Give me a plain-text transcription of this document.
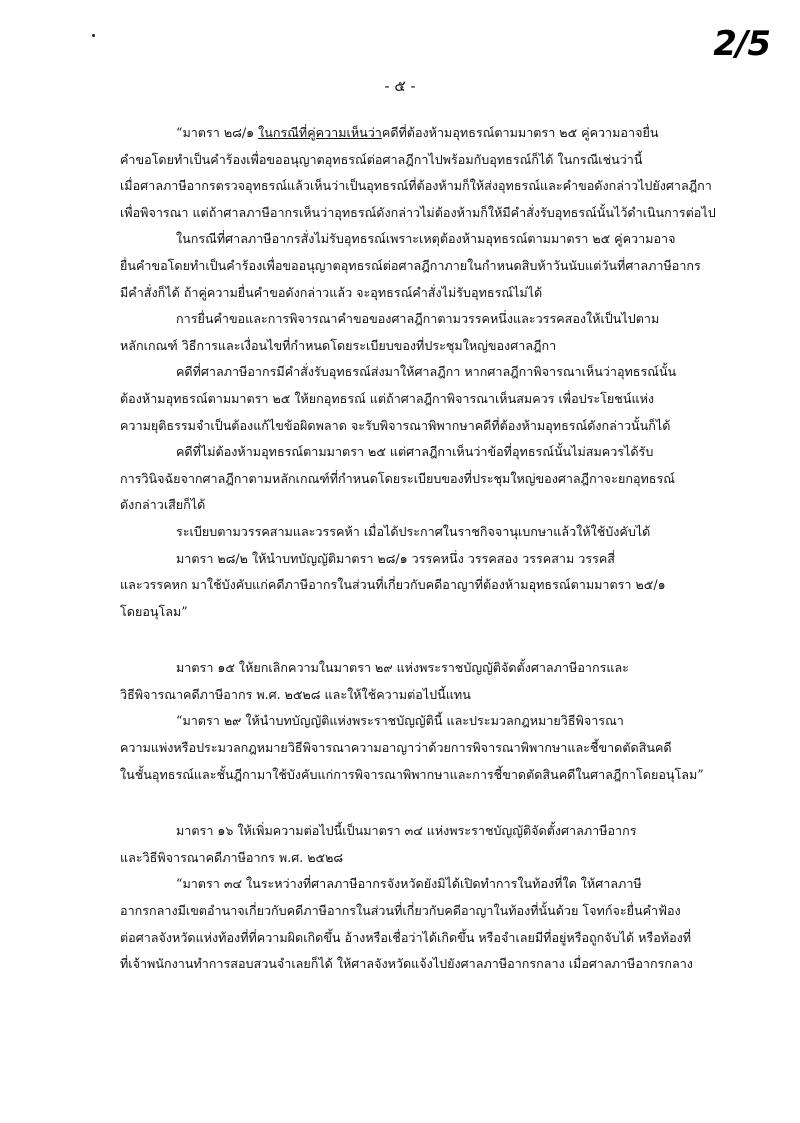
2/5
- ๕ -
“มาตรา ๒๘/๑ ในกรณีที่คู่ความเห็นว่าคดีที่ต้องห้ามอุทธรณ์ตามมาตรา ๒๕ คู่ความอาจยื่น
คำขอโดยทำเป็นคำร้องเพื่อขออนุญาตอุทธรณ์ต่อศาลฎีกาไปพร้อมกับอุทธรณ์ก็ได้ ในกรณีเช่นว่านี้
เมื่อศาลภาษีอากรตรวจอุทธรณ์แล้วเห็นว่าเป็นอุทธรณ์ที่ต้องห้ามก็ให้ส่งอุทธรณ์และคำขอดังกล่าวไปยังศาลฎีกา
เพื่อพิจารณา แต่ถ้าศาลภาษีอากรเห็นว่าอุทธรณ์ดังกล่าวไม่ต้องห้ามก็ให้มีคำสั่งรับอุทธรณ์นั้นไว้ดำเนินการต่อไป
ในกรณีที่ศาลภาษีอากรสั่งไม่รับอุทธรณ์เพราะเหตุต้องห้ามอุทธรณ์ตามมาตรา ๒๕ คู่ความอาจ
ยื่นคำขอโดยทำเป็นคำร้องเพื่อขออนุญาตอุทธรณ์ต่อศาลฎีกาภายในกำหนดสิบห้าวันนับแต่วันที่ศาลภาษีอากร
มีคำสั่งก็ได้ ถ้าคู่ความยื่นคำขอดังกล่าวแล้ว จะอุทธรณ์คำสั่งไม่รับอุทธรณ์ไม่ได้
การยื่นคำขอและการพิจารณาคำขอของศาลฎีกาตามวรรคหนึ่งและวรรคสองให้เป็นไปตาม
หลักเกณฑ์ วิธีการและเงื่อนไขที่กำหนดโดยระเบียบของที่ประชุมใหญ่ของศาลฎีกา
คดีที่ศาลภาษีอากรมีคำสั่งรับอุทธรณ์ส่งมาให้ศาลฎีกา หากศาลฎีกาพิจารณาเห็นว่าอุทธรณ์นั้น
ต้องห้ามอุทธรณ์ตามมาตรา ๒๕ ให้ยกอุทธรณ์ แต่ถ้าศาลฎีกาพิจารณาเห็นสมควร เพื่อประโยชน์แห่ง
ความยุติธรรมจำเป็นต้องแก้ไขข้อผิดพลาด จะรับพิจารณาพิพากษาคดีที่ต้องห้ามอุทธรณ์ดังกล่าวนั้นก็ได้
คดีที่ไม่ต้องห้ามอุทธรณ์ตามมาตรา ๒๕ แต่ศาลฎีกาเห็นว่าข้อที่อุทธรณ์นั้นไม่สมควรได้รับ
การวินิจฉัยจากศาลฎีกาตามหลักเกณฑ์ที่กำหนดโดยระเบียบของที่ประชุมใหญ่ของศาลฎีกาจะยกอุทธรณ์
ดังกล่าวเสียก็ได้
ระเบียบตามวรรคสามและวรรคห้า เมื่อได้ประกาศในราชกิจจานุเบกษาแล้วให้ใช้บังคับได้
มาตรา ๒๘/๒ ให้นำบทบัญญัติมาตรา ๒๘/๑ วรรคหนึ่ง วรรคสอง วรรคสาม วรรคสี่
และวรรคหก มาใช้บังคับแก่คดีภาษีอากรในส่วนที่เกี่ยวกับคดีอาญาที่ต้องห้ามอุทธรณ์ตามมาตรา ๒๕/๑
โดยอนุโลม”
มาตรา ๑๕ ให้ยกเลิกความในมาตรา ๒๙ แห่งพระราชบัญญัติจัดตั้งศาลภาษีอากรและ
วิธีพิจารณาคดีภาษีอากร พ.ศ. ๒๕๒๘ และให้ใช้ความต่อไปนี้แทน
“มาตรา ๒๙ ให้นำบทบัญญัติแห่งพระราชบัญญัตินี้ และประมวลกฎหมายวิธีพิจารณา
ความแพ่งหรือประมวลกฎหมายวิธีพิจารณาความอาญาว่าด้วยการพิจารณาพิพากษาและชี้ขาดตัดสินคดี
ในชั้นอุทธรณ์และชั้นฎีกามาใช้บังคับแก่การพิจารณาพิพากษาและการชี้ขาดตัดสินคดีในศาลฎีกาโดยอนุโลม”
มาตรา ๑๖ ให้เพิ่มความต่อไปนี้เป็นมาตรา ๓๔ แห่งพระราชบัญญัติจัดตั้งศาลภาษีอากร
และวิธีพิจารณาคดีภาษีอากร พ.ศ. ๒๕๒๘
“มาตรา ๓๔ ในระหว่างที่ศาลภาษีอากรจังหวัดยังมิได้เปิดทำการในท้องที่ใด ให้ศาลภาษี
อากรกลางมีเขตอำนาจเกี่ยวกับคดีภาษีอากรในส่วนที่เกี่ยวกับคดีอาญาในท้องที่นั้นด้วย โจทก์จะยื่นคำฟ้อง
ต่อศาลจังหวัดแห่งท้องที่ที่ความผิดเกิดขึ้น อ้างหรือเชื่อว่าได้เกิดขึ้น หรือจำเลยมีที่อยู่หรือถูกจับได้ หรือท้องที่
ที่เจ้าพนักงานทำการสอบสวนจำเลยก็ได้ ให้ศาลจังหวัดแจ้งไปยังศาลภาษีอากรกลาง เมื่อศาลภาษีอากรกลาง
